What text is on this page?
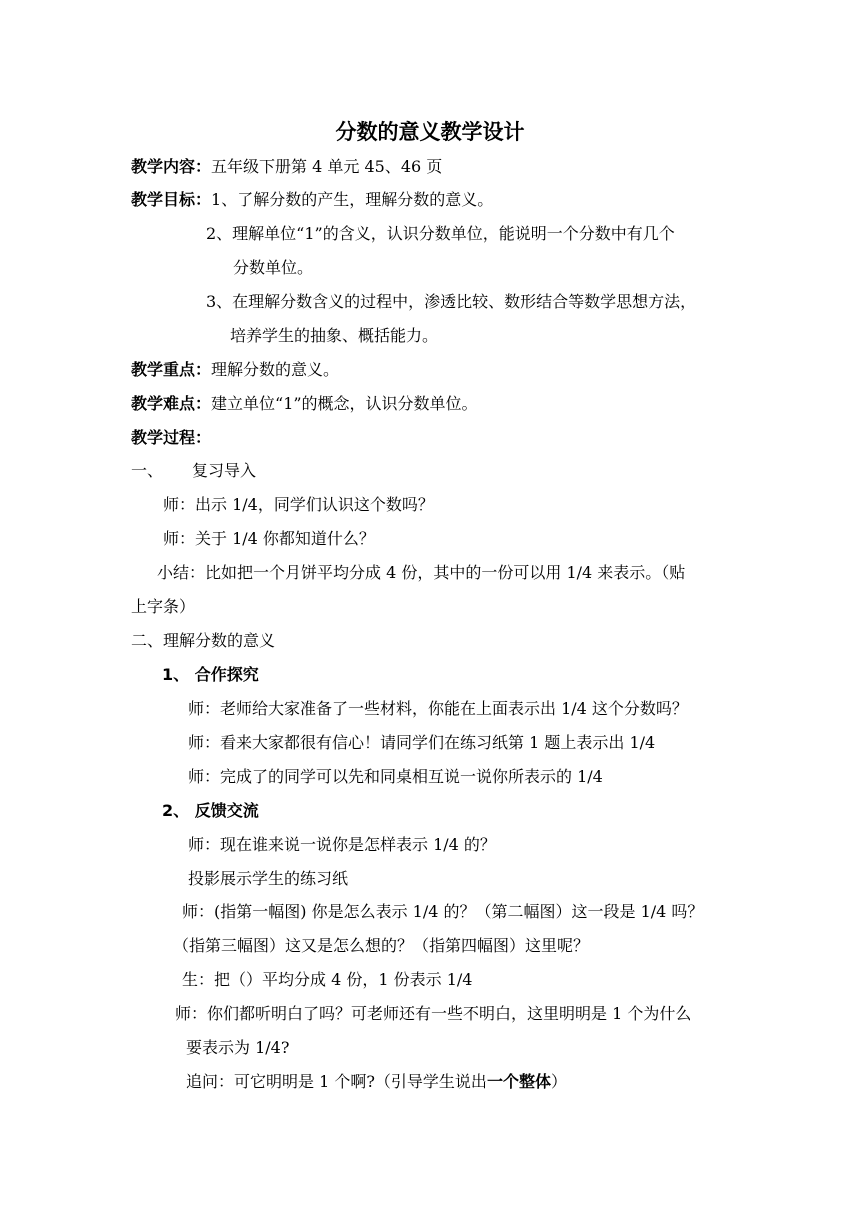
分数的意义教学设计
教学内容：五年级下册第 4 单元 45、46 页
教学目标：1、了解分数的产生，理解分数的意义。
2、理解单位“1”的含义，认识分数单位，能说明一个分数中有几个
分数单位。
3、在理解分数含义的过程中，渗透比较、数形结合等数学思想方法，
培养学生的抽象、概括能力。
教学重点：理解分数的意义。
教学难点：建立单位“1”的概念，认识分数单位。
教学过程：
一、 复习导入
师：出示 1/4，同学们认识这个数吗？
师：关于 1/4 你都知道什么？
小结：比如把一个月饼平均分成 4 份，其中的一份可以用 1/4 来表示。（贴
上字条）
二、理解分数的意义
1、 合作探究
师：老师给大家准备了一些材料，你能在上面表示出 1/4 这个分数吗？
师：看来大家都很有信心！请同学们在练习纸第 1 题上表示出 1/4
师：完成了的同学可以先和同桌相互说一说你所表示的 1/4
2、 反馈交流
师：现在谁来说一说你是怎样表示 1/4 的？
投影展示学生的练习纸
师：(指第一幅图) 你是怎么表示 1/4 的？（第二幅图）这一段是 1/4 吗？
（指第三幅图）这又是怎么想的？（指第四幅图）这里呢？
生：把（）平均分成 4 份，1 份表示 1/4
师：你们都听明白了吗？可老师还有一些不明白，这里明明是 1 个为什么
要表示为 1/4?
追问：可它明明是 1 个啊?（引导学生说出一个整体）
